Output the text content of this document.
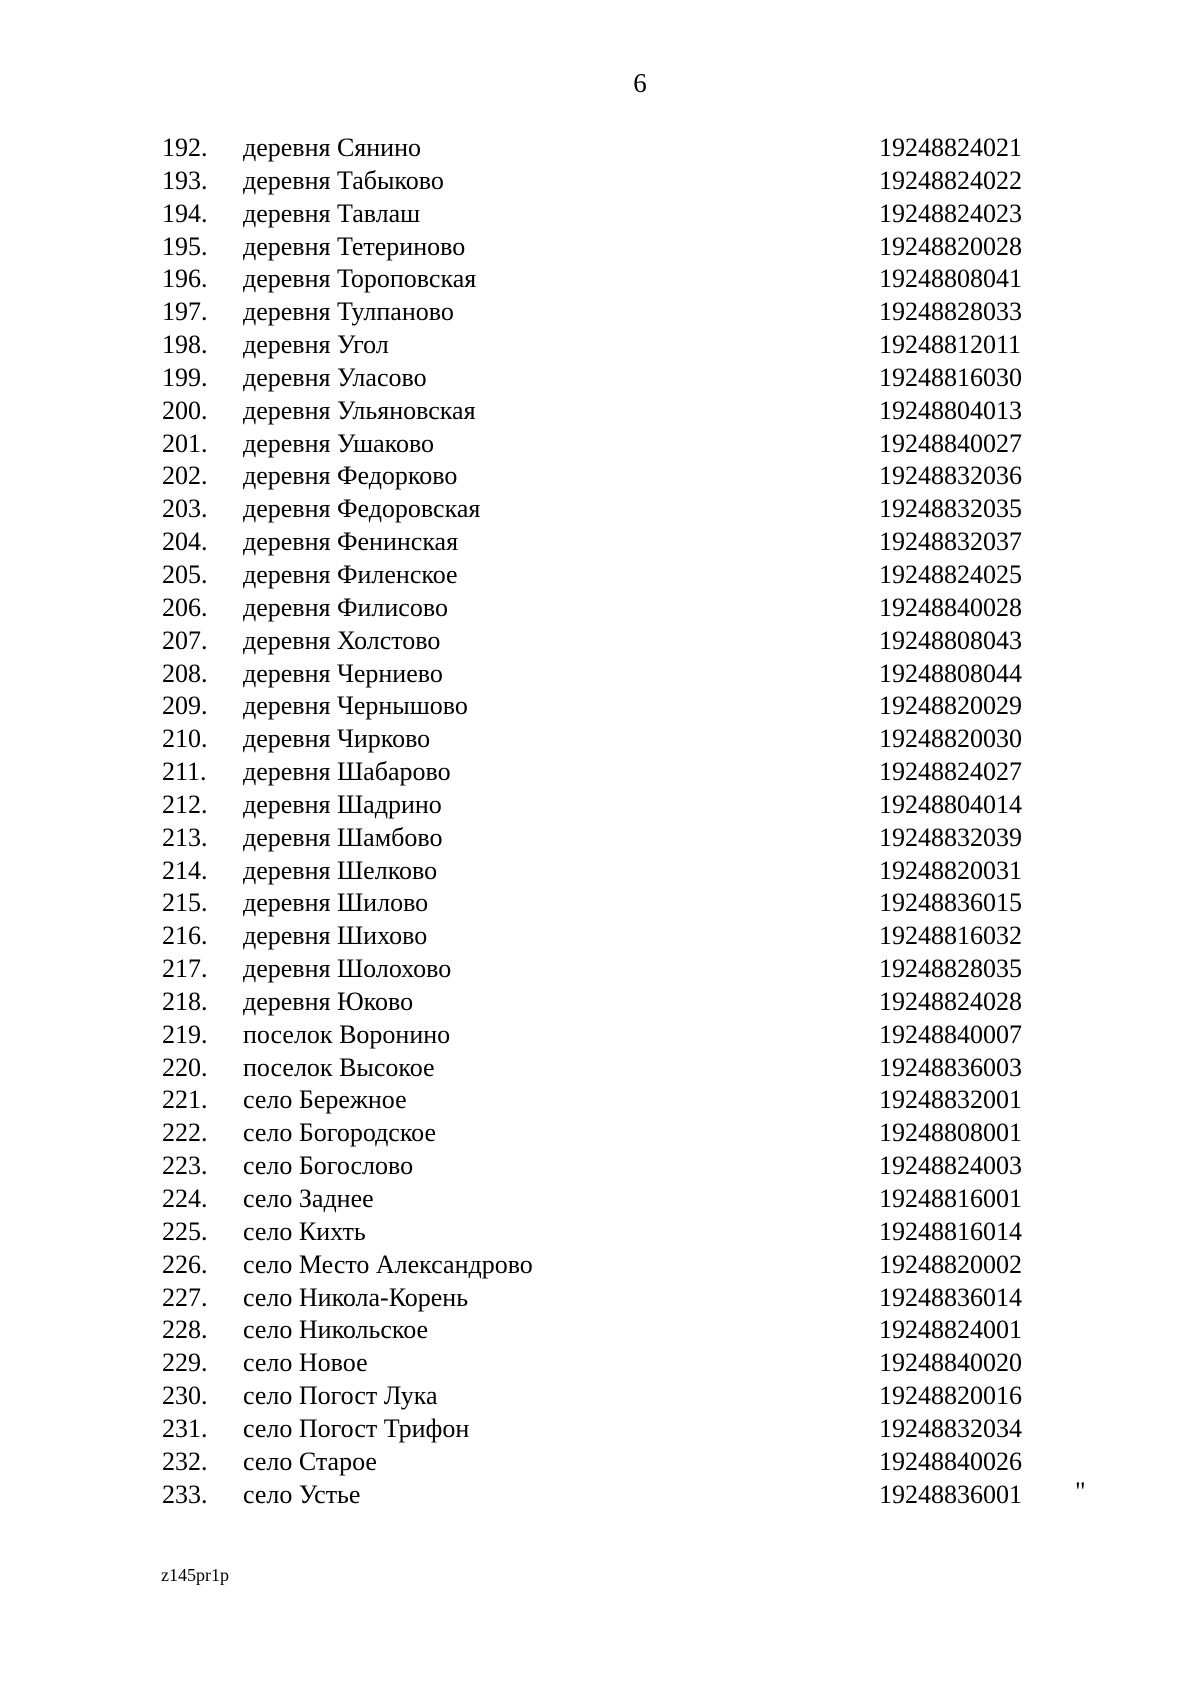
6
192.	деревня Сянино	19248824021
193.	деревня Табыково	19248824022
194.	деревня Тавлаш	19248824023
195.	деревня Тетериново	19248820028
196.	деревня Тороповская	19248808041
197.	деревня Тулпаново	19248828033
198.	деревня Угол	19248812011
199.	деревня Уласово	19248816030
200.	деревня Ульяновская	19248804013
201.	деревня Ушаково	19248840027
202.	деревня Федорково	19248832036
203.	деревня Федоровская	19248832035
204.	деревня Фенинская	19248832037
205.	деревня Филенское	19248824025
206.	деревня Филисово	19248840028
207.	деревня Холстово	19248808043
208.	деревня Черниево	19248808044
209.	деревня Чернышово	19248820029
210.	деревня Чирково	19248820030
211.	деревня Шабарово	19248824027
212.	деревня Шадрино	19248804014
213.	деревня Шамбово	19248832039
214.	деревня Шелково	19248820031
215.	деревня Шилово	19248836015
216.	деревня Шихово	19248816032
217.	деревня Шолохово	19248828035
218.	деревня Юково	19248824028
219.	поселок Воронино	19248840007
220.	поселок Высокое	19248836003
221.	село Бережное	19248832001
222.	село Богородское	19248808001
223.	село Богослово	19248824003
224.	село Заднее	19248816001
225.	село Кихть	19248816014
226.	село Место Александрово	19248820002
227.	село Никола-Корень	19248836014
228.	село Никольское	19248824001
229.	село Новое	19248840020
230.	село Погост Лука	19248820016
231.	село Погост Трифон	19248832034
232.	село Старое	19248840026
233.	село Устье	19248836001 "
z145pr1p
